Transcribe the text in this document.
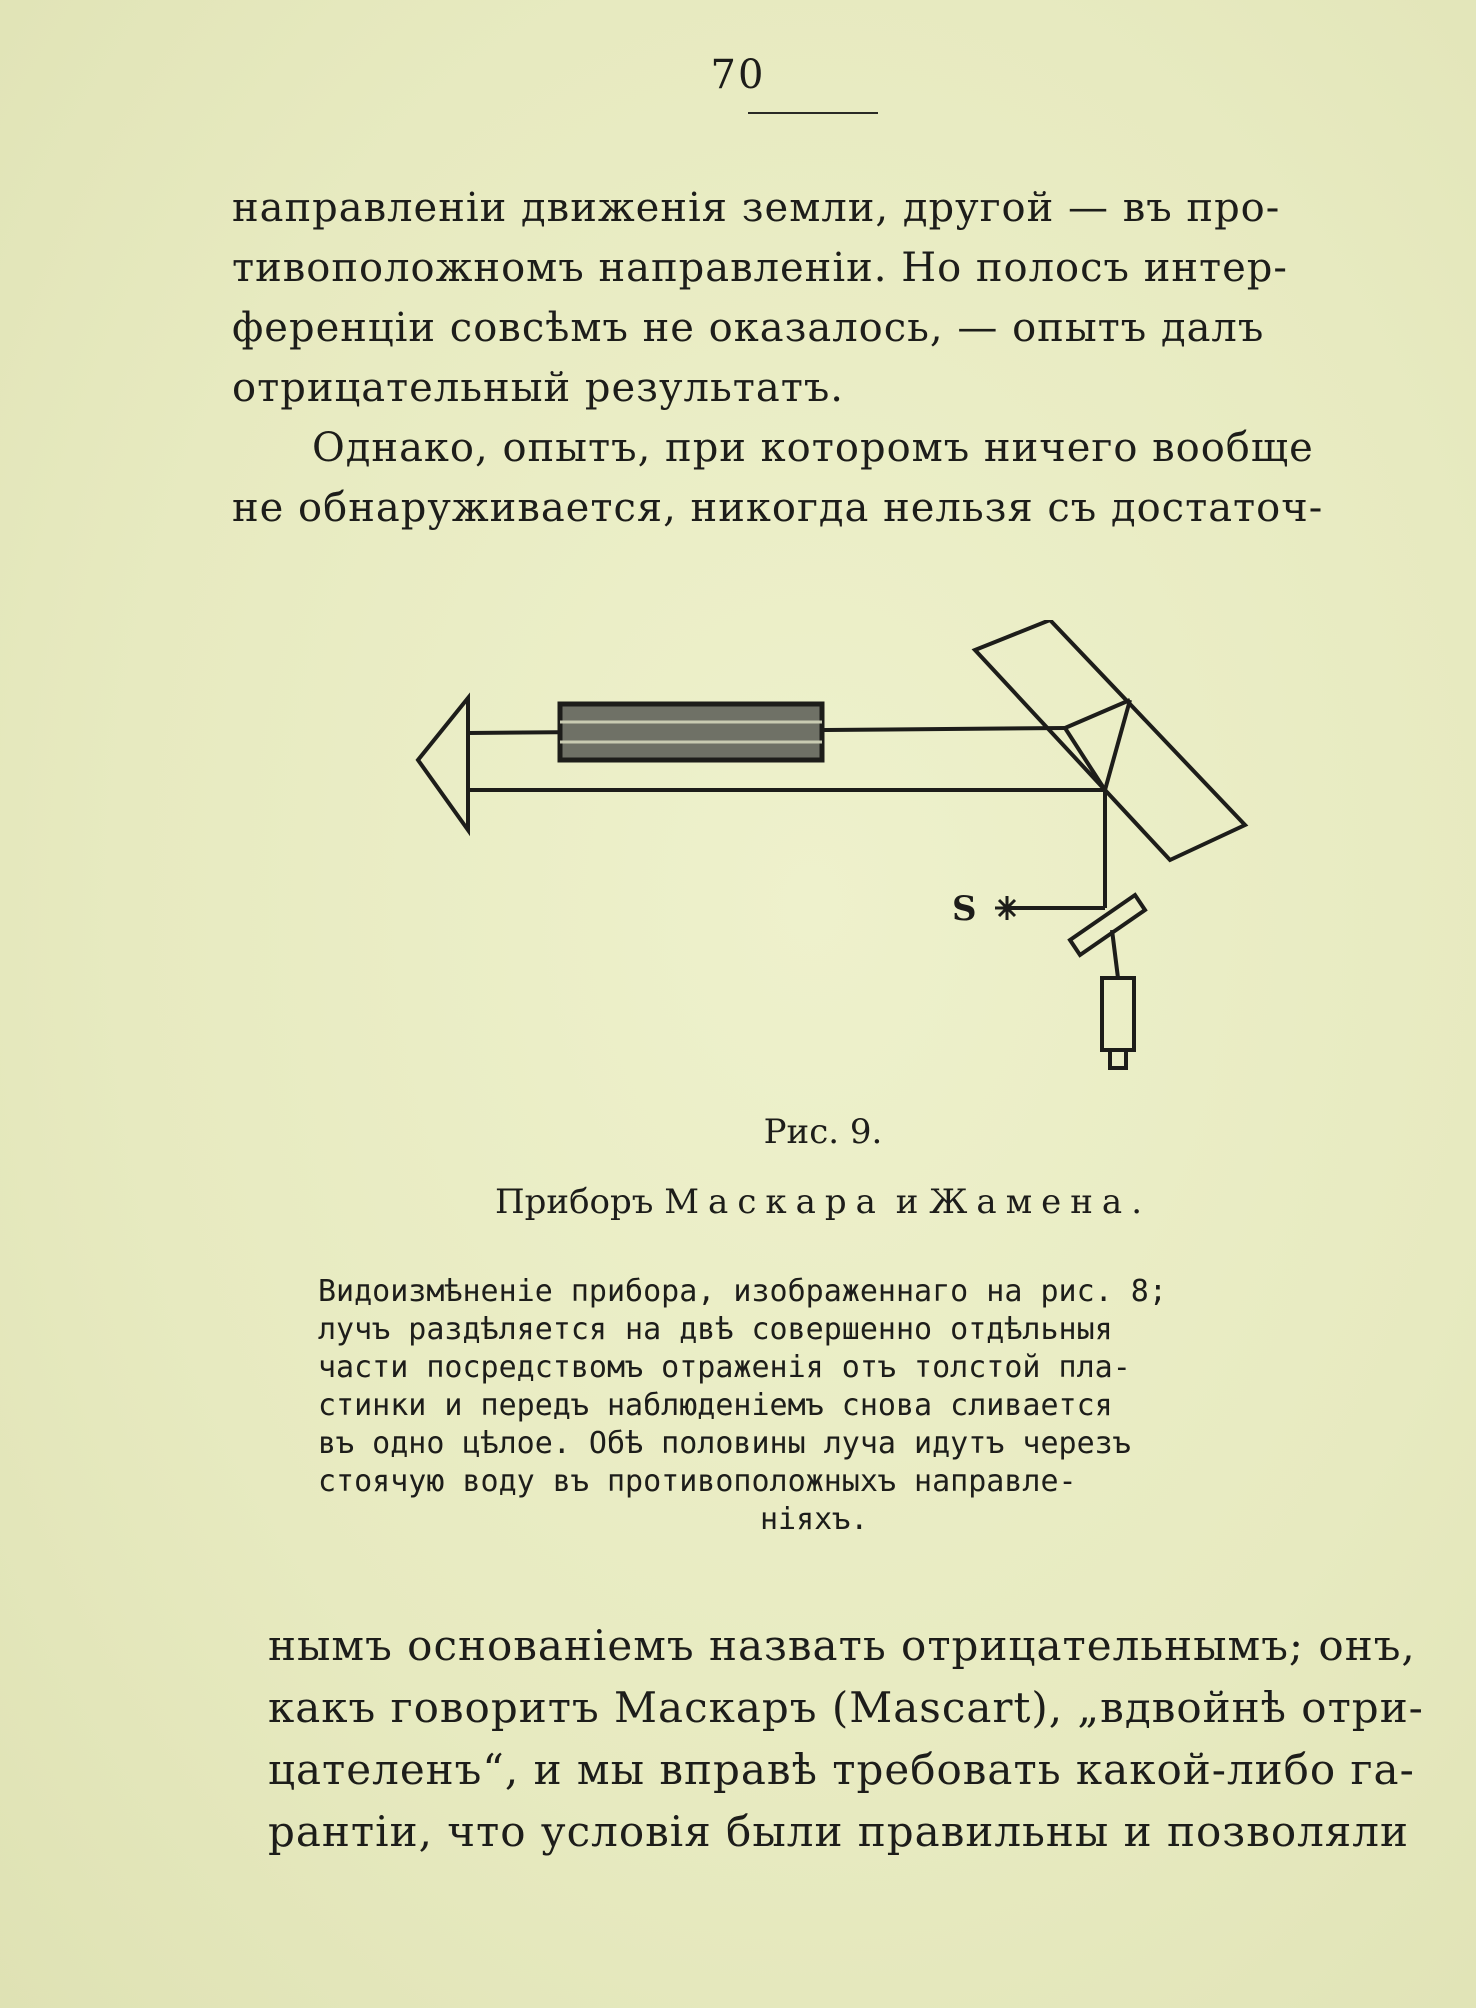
70
направленiи движенiя земли, другой — въ про-
тивоположномъ направленiи. Но полосъ интер-
ференцiи совсѣмъ не оказалось, — опытъ далъ
отрицательный результатъ.
Однако, опытъ, при которомъ ничего вообще
не обнаруживается, никогда нельзя съ достаточ-
S
Рис. 9.
Приборъ Маскара и Жамена.
Видоизмѣненiе прибора, изображеннаго на рис. 8;
лучъ раздѣляется на двѣ совершенно отдѣльныя
части посредствомъ отраженiя отъ толстой пла-
стинки и передъ наблюденiемъ снова сливается
въ одно цѣлое. Обѣ половины луча идутъ черезъ
стоячую воду въ противоположныхъ направле-
нiяхъ.
нымъ основанiемъ назвать отрицательнымъ; онъ,
какъ говоритъ Маскаръ (Mascart), „вдвойнѣ отри-
цателенъ“, и мы вправѣ требовать какой-либо га-
рантiи, что условiя были правильны и позволяли
